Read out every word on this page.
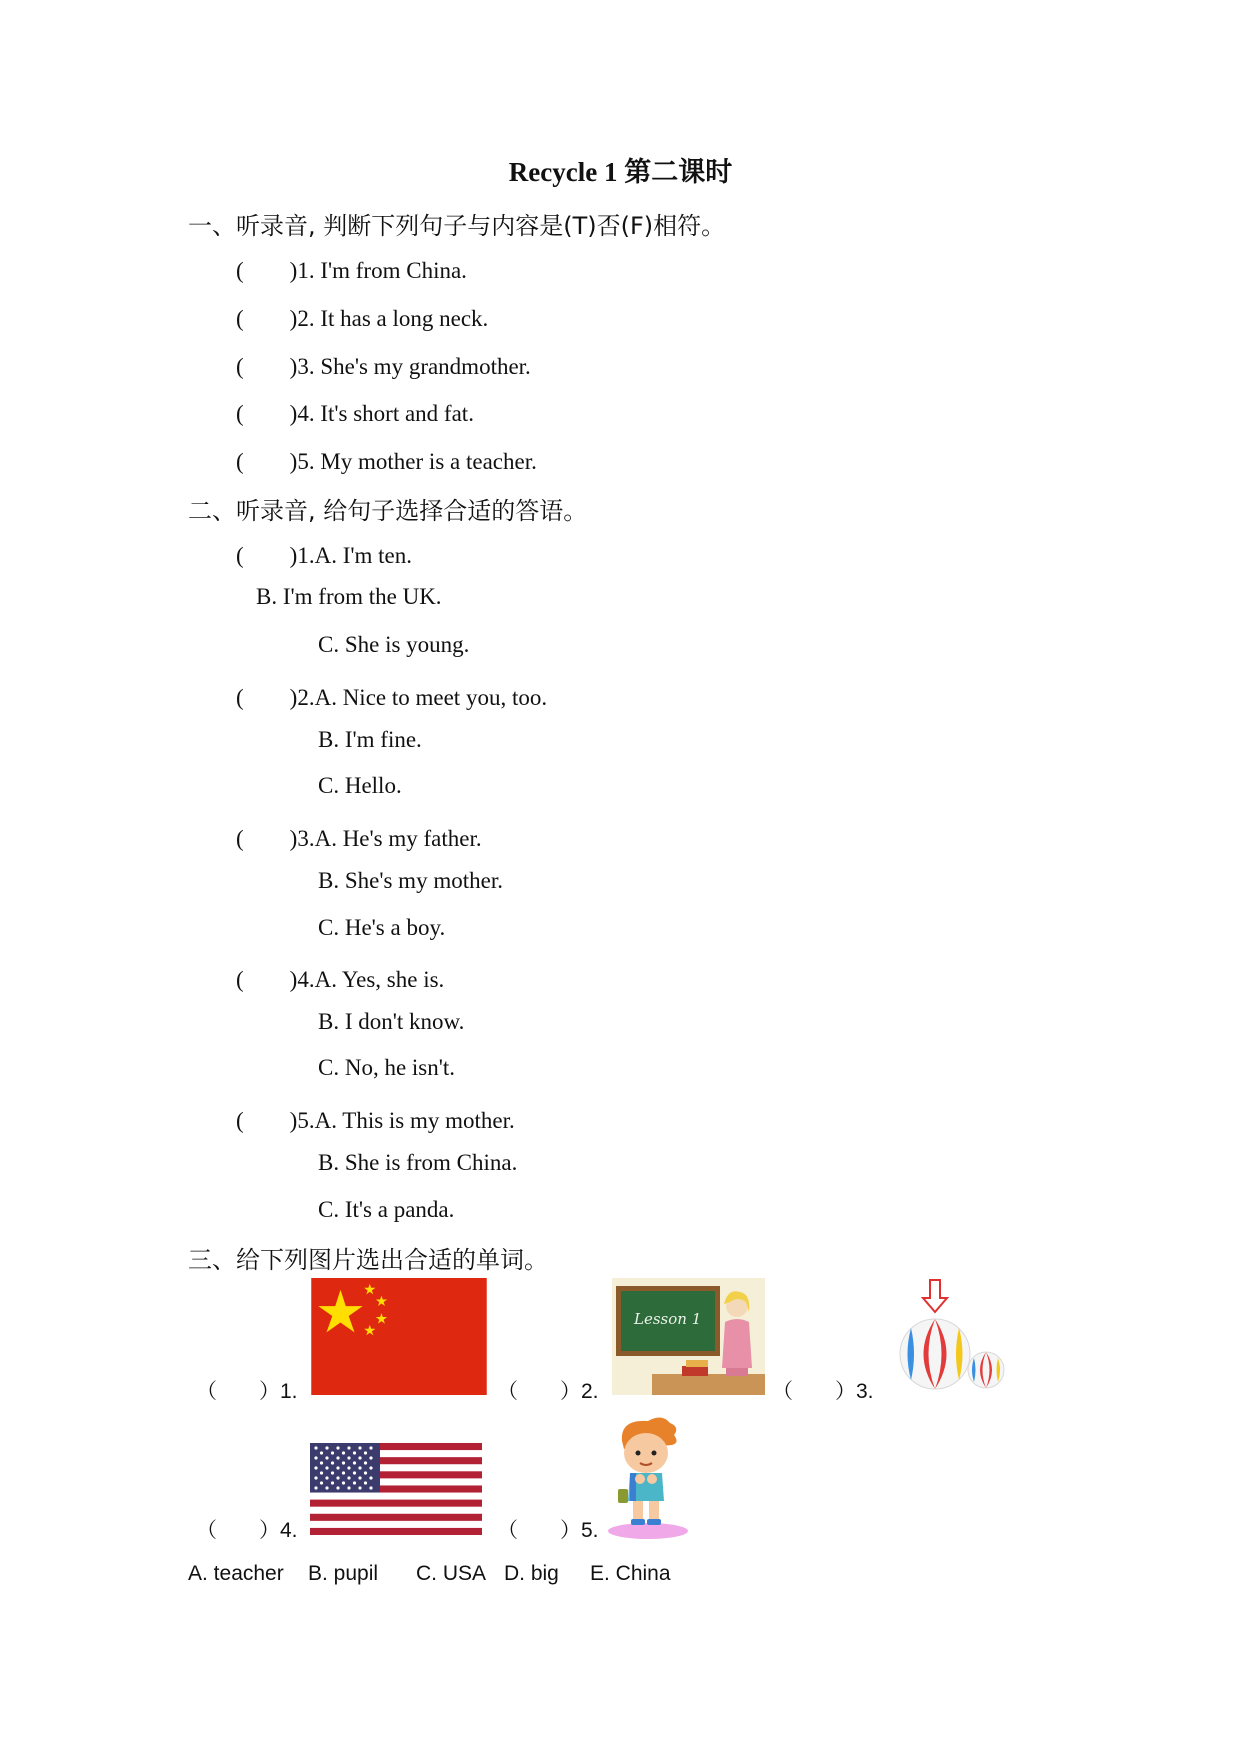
Recycle 1 第二课时
一、听录音, 判断下列句子与内容是(T)否(F)相符。
(　　)1. I'm from China.
(　　)2. It has a long neck.
(　　)3. She's my grandmother.
(　　)4. It's short and fat.
(　　)5. My mother is a teacher.
二、听录音, 给句子选择合适的答语。
(　　)1.A. I'm ten.
B. I'm from the UK.
C. She is young.
(　　)2.A. Nice to meet you, too.
B. I'm fine.
C. Hello.
(　　)3.A. He's my father.
B. She's my mother.
C. He's a boy.
(　　)4.A. Yes, she is.
B. I don't know.
C. No, he isn't.
(　　)5.A. This is my mother.
B. She is from China.
C. It's a panda.
三、给下列图片选出合适的单词。
（　　）1.	（　　）2.	（　　）3.
Lesson 1
（　　）4.	（　　）5.
A. teacher B. pupil C. USA D. big E. China
